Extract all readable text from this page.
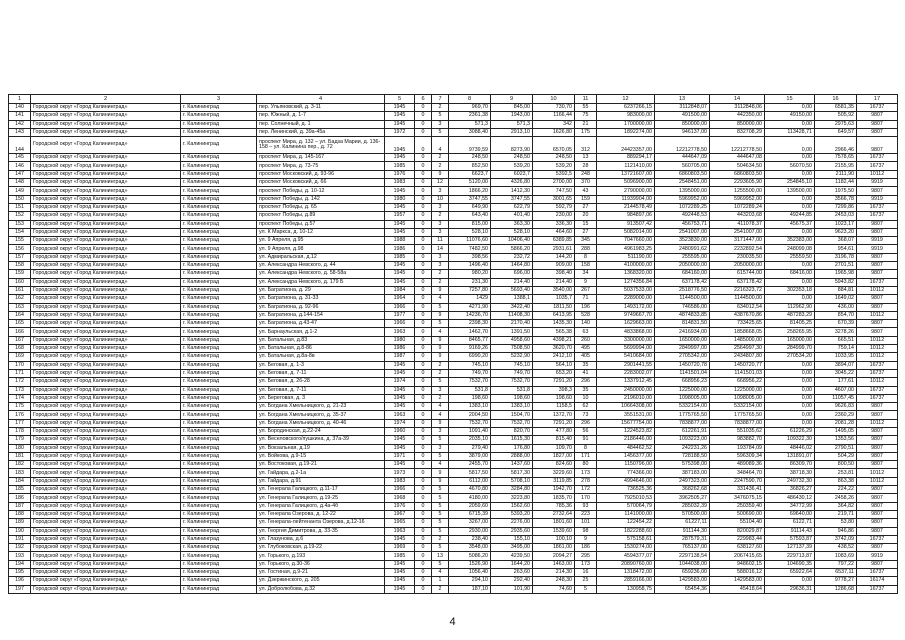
1	2	3	4	5	6	7	8	9	10	11	12	13	14	15	16	17
140	Городской округ «Город Калининград»	г. Калининград	пер. Ульяновский, д. 3-11	1945	0	2	969,70	845,00	730,70	55	6237266,15	3112848,07	3112848,06	0,00	6581,35	16737
141	Городской округ «Город Калининград»	г. Калининград	пер. Южный, д. 1-7	1945	0	5	2361,38	1943,00	1166,44	75	983000,00	491500,00	442350,00	49150,00	505,92	9807
142	Городской округ «Город Калининград»	г. Калининград	пер. Солнечный, д. 1	1945	0	3	571,3	571,3	342	21	1700000,00	850000,00	850000,00	0,00	2975,63	9807
143	Городской округ «Город Калининград»	г. Калининград	пер. Ленинский, д. 39а-45а	1972	0	5	3088,40	2913,10	1626,80	175	1892274,00	946137,00	832708,29	113428,71	649,57	9807
144	Городской округ «Город Калининград»	г. Калининград	проспект Мира, д. 132 – ул. Бадза Марии, д. 136-158 – ул. Калинина пер., д. 72	1945	0	4	9739,59	8273,90	6570,05	312	24423357,00	12212778,50	12212778,50	0,00	2966,46	9807
145	Городской округ «Город Калининград»	г. Калининград	проспект Мира, д. 145-167	1945	0	2	248,50	248,50	248,50	13	889294,17	444647,09	444647,08	0,00	7578,65	16737
146	Городской округ «Город Калининград»	г. Калининград	проспект Мира, д. 73-75	1985	0	2	852,50	539,20	539,20	28	1121410,00	560705,00	504634,50	56070,50	2155,95	16737
147	Городской округ «Город Калининград»	г. Калининград	проспект Московский, д. 93-96	1976	0	9	6623,7	6023,7	5392,5	248	13721607,00	6860803,50	6860803,50	0,00	2111,90	10112
148	Городской округ «Город Калининград»	г. Калининград	проспект Московский, д. 66	1983	0	12	5120,00	4326,80	2700,00	370	5096900,00	2548451,00	2293605,90	254845,10	1182,44	9919
149	Городской округ «Город Калининград»	г. Калининград	проспект Победы, д. 10-12	1945	0	3	1866,20	1412,30	747,50	43	2790000,00	1395000,00	1255500,00	139500,00	1975,50	9807
150	Городской округ «Город Калининград»	г. Калининград	проспект Победы, д. 142	1980	0	10	3747,55	3747,55	3001,65	159	11939904,00	5969952,00	5969952,00	0,00	3566,78	9919
151	Городской округ «Город Калининград»	г. Калининград	проспект Победы, д. 65	1945	0	3	649,90	622,79	592,79	27	2144578,49	1072289,25	1072289,24	0,00	7299,86	16737
152	Городской округ «Город Калининград»	г. Калининград	проспект Победы, д.89	1957	0	2	643,40	401,40	230,00	20	984897,06	492448,53	443203,68	49244,85	2453,03	16737
153	Городской округ «Город Калининград»	г. Калининград	проспект Победы, д.57	1945	0	3	815,00	363,30	336,30	15	913507,42	456753,71	411078,37	45675,37	1023,17	9807
154	Городской округ «Город Калининград»	г. Калининград	ул. К Маркса, д. 10-12	1945	0	3	528,10	528,10	464,60	27	5082014,00	2541007,00	2541007,00	0,00	9623,20	9807
155	Городской округ «Город Калининград»	г. Калининград	ул. 9 Апреля, д.95	1988	0	11	11076,60	10406,40	6389,85	345	7047660,00	3523830,00	3171447,00	352383,00	368,07	9919
156	Городской округ «Город Калининград»	г. Калининград	ул. 9 Апреля, д.98	1986	0	14	7482,50	5866,20	2931,61	288	4961983,25	2480991,62	2232892,54	248099,08	954,61	9919
157	Городской округ «Город Калининград»	г. Калининград	ул. Адмиральская, д.12	1985	0	3	398,56	232,72	144,20	8	511190,00	255595,00	230035,50	25559,50	3196,78	9807
158	Городской округ «Город Калининград»	г. Калининград	ул. Александра Невского, д. 44	1945	0	3	1496,40	1464,80	909,00	158	4100000,00	2050000,00	2050000,00	0,00	2701,51	9807
159	Городской округ «Город Калининград»	г. Калининград	ул. Александра Невского, д. 58-58а	1945	0	2	980,20	696,00	398,40	34	1368320,00	684160,00	615744,00	68416,00	1965,98	9807
160	Городской округ «Город Калининград»	г. Калининград	ул. Александра Невского, д. 179 Б	1945	0	2	231,30	214,40	214,40	9	1274356,84	637178,42	637178,42	0,00	5943,82	16737
161	Городской округ «Город Калининград»	г. Калининград	ул. Багратиона, д. 29	1984	0	9	7257,80	5693,40	3540,00	267	5037533,00	2518776,50	2216323,72	302353,18	884,81	10112
162	Городской округ «Город Калининград»	г. Калининград	ул. Багратиона, д. 31-33	1964	0	4	1429	1388,1	1035,7	71	2289000,00	1144500,00	1144500,00	0,00	1649,02	9807
163	Городской округ «Город Калининград»	г. Калининград	ул. Багратиона, д. 92-96	1966	0	5	4271,90	3422,40	1811,50	196	1493172,00	746586,00	634012,54	112962,90	436,00	9807
164	Городской округ «Город Калининград»	г. Калининград	ул. Багратиона, д.144-154	1977	0	9	14236,70	11408,30	6413,95	528	9749667,70	4874833,85	4387670,86	487283,29	854,70	10112
165	Городской округ «Город Калининград»	г. Калининград	ул. Багратиона, д.43-47	1966	0	5	2398,30	2170,40	1435,30	140	1629663,00	814831,50	733425,65	81405,25	670,39	9807
166	Городской округ «Город Калининград»	г. Калининград	ул. Барнаульская, д.1-2	1963	0	4	1462,70	1391,50	565,38	63	4833868,00	2416934,00	1858668,05	258265,95	3278,26	9807
167	Городской округ «Город Калининград»	г. Калининград	ул. Батальная, д.83	1980	0	9	8465,77	4958,60	4398,21	260	3300000,00	1650000,00	1485000,00	165000,00	665,51	10112
168	Городской округ «Город Калининград»	г. Калининград	ул. Батальная, д.8-86	1986	0	9	9169,26	7508,50	3620,70	495	5699994,00	2849997,00	2564997,30	284999,70	759,14	10112
169	Городской округ «Город Калининград»	г. Калининград	ул. Батальная, д.8а-8в	1987	0	9	6990,20	5232,90	2412,10	405	5410684,00	2705342,00	2434807,80	270534,20	1033,95	10112
170	Городской округ «Город Калининград»	г. Калининград	ул. Беговая, д. 1-3	1945	0	2	745,10	745,10	564,10	35	2901441,55	1450720,78	1450720,77	0,00	3894,07	16737
171	Городской округ «Город Калининград»	г. Калининград	ул. Беговая, д. 7-11	1945	0	2	749,70	749,70	653,20	41	2283002,07	1141501,04	1141501,03	0,00	3045,22	16737
172	Городской округ «Город Калининград»	г. Калининград	ул. Беговая, д. 26-28	1974	0	5	7532,70	7532,70	7291,20	296	1337912,45	668956,23	668956,22	0,00	177,61	10112
173	Городской округ «Город Калининград»	г. Калининград	ул. Беговая, д. 7-11	1945	0	3	531,8	531,8	398,3	35	2450000,00	1225000,00	1225000,00	0,00	4607,00	16737
174	Городской округ «Город Калининград»	г. Калининград	ул. Береговая, д. 3	1945	0	2	198,60	198,60	198,60	10	2196010,00	1098005,00	1098005,00	0,00	11057,45	16737
175	Городской округ «Город Калининград»	г. Калининград	ул. Богдана Хмельницкого, д. 21-23	1945	0	4	1383,10	1383,10	1158,5	62	10664308,00	5332154,00	5332154,00	0,00	9626,83	9807
176	Городской округ «Город Калининград»	г. Калининград	ул. Богдана Хмельницкого, д. 35-37	1963	0	4	2004,50	1504,70	1372,70	73	3551531,00	1775765,50	1775765,50	0,00	2360,29	9807
177	Городской округ «Город Калининград»	г. Калининград	ул. Богдана Хмельницкого, д. 40-46	1974	0	9	7532,70	7532,70	7291,20	296	15677754,00	7838877,00	7838877,00	0,00	2081,28	10112
178	Городской округ «Город Калининград»	г. Калининград	ул. Бородинская, д.22-24	1960	0	3	1091,40	820,70	477,80	56	1224523,82	612261,91	551035,62	61226,29	1495,05	9807
179	Городской округ «Город Калининград»	г. Калининград	ул. Веселовского/пушкина, д. 37а-39	1945	0	5	2035,10	1615,30	815,40	91	2186446,00	1093223,00	983882,70	109322,30	1353,56	9807
180	Городской округ «Город Калининград»	г. Калининград	ул. Вокзальная, д.19	1945	0	3	279,40	176,80	109,70	8	484462,52	242231,26	193784,09	48446,02	2790,51	9807
181	Городской округ «Город Калининград»	г. Калининград	ул. Войкова, д.9-15	1971	0	5	3879,00	2888,00	1827,00	171	1456377,00	728188,50	596309,34	131891,07	504,29	9807
182	Городской округ «Город Калининград»	г. Калининград	ул. Востоковая, д.19-21	1945	0	4	2455,70	1437,60	824,60	80	1150796,00	575398,00	489089,36	86309,70	800,50	9807
183	Городской округ «Город Калининград»	г. Калининград	ул. Гайдара, д.2-1а	1973	0	9	5817,50	5817,30	3229,60	173	774366,00	387183,00	348464,70	38718,30	253,81	10112
184	Городской округ «Город Калининград»	г. Калининград	ул. Гайдара, д.91	1983	0	9	6112,00	5708,10	3119,85	278	4994646,00	2497323,00	2247590,70	249732,30	863,38	10112
185	Городской округ «Город Калининград»	г. Калининград	ул. Генерала Галицкого, д.11-17	1966	0	5	4670,80	3284,80	1942,70	172	736525,36	368262,68	331436,41	36826,27	224,22	9807
186	Городской округ «Город Калининград»	г. Калининград	ул. Генерала Галицкого, д.19-25	1968	0	5	4180,00	3223,80	1835,70	170	7925010,53	3962505,27	3476075,15	486430,12	2458,26	9807
187	Городской округ «Город Калининград»	г. Калининград	ул. Генерала Галицкого, д.4а-4б	1976	0	5	2059,60	1562,60	785,36	93	570064,79	285032,39	250359,40	34772,99	364,82	9807
188	Городской округ «Город Калининград»	г. Калининград	ул. Генерала Озерова, д. 12-22	1967	0	5	6715,39	5393,20	2732,64	223	1141000,00	570500,00	500690,00	69640,00	219,71	9807
189	Городской округ «Город Калининград»	г. Калининград	ул. Генерала-лейтенанта Озерова, д.12-16	1965	0	5	3267,00	2276,00	1801,60	101	122454,22	61227,11	55104,40	6122,71	53,80	9807
190	Городской округ «Город Калининград»	г. Калининград	ул. Георгия Димитрова, д. 33-35	1963	0	5	2930,00	2935,60	1539,60	98	1822288,60	911144,30	820029,87	91114,43	946,86	9807
191	Городской округ «Город Калининград»	г. Калининград	ул. Глазунова, д.6	1945	0	2	238,40	155,10	100,10	9	575158,61	287579,31	229983,44	57593,87	3742,09	16737
192	Городской округ «Город Калининград»	г. Калининград	ул. Глубоковская, д.19-22	1969	0	5	3548,00	3495,00	1861,00	186	1530274,00	765137,00	638127,60	127137,39	438,52	9807
193	Городской округ «Город Калининград»	г. Калининград	ул. Горького, д.193	1985	0	13	5086,20	4239,50	2094,27	295	4594377,07	2297138,54	2067415,65	229713,87	1083,69	9919
194	Городской округ «Город Калининград»	г. Калининград	ул. Горького, д.30-36	1945	0	5	1526,90	1644,20	1463,00	173	20890760,00	1044038,00	948602,15	104690,35	797,22	9807
195	Городской округ «Город Калининград»	г. Калининград	ул. Гостиная, д.9-21	1945	0	4	1056,40	263,60	214,30	16	1318472,00	659236,00	588016,12	65922,64	6537,11	16737
196	Городской округ «Город Калининград»	г. Калининград	ул. Дзержинского, д. 205	1945	0	1	294,10	292,40	248,30	25	2859166,00	1429583,00	1429583,00	0,00	9778,27	16174
197	Городской округ «Город Калининград»	г. Калининград	ул. Добролюбова, д.32	1945	0	2	187,10	101,90	74,60	5	130958,75	65454,36	45418,64	29636,31	1286,68	16737
4
